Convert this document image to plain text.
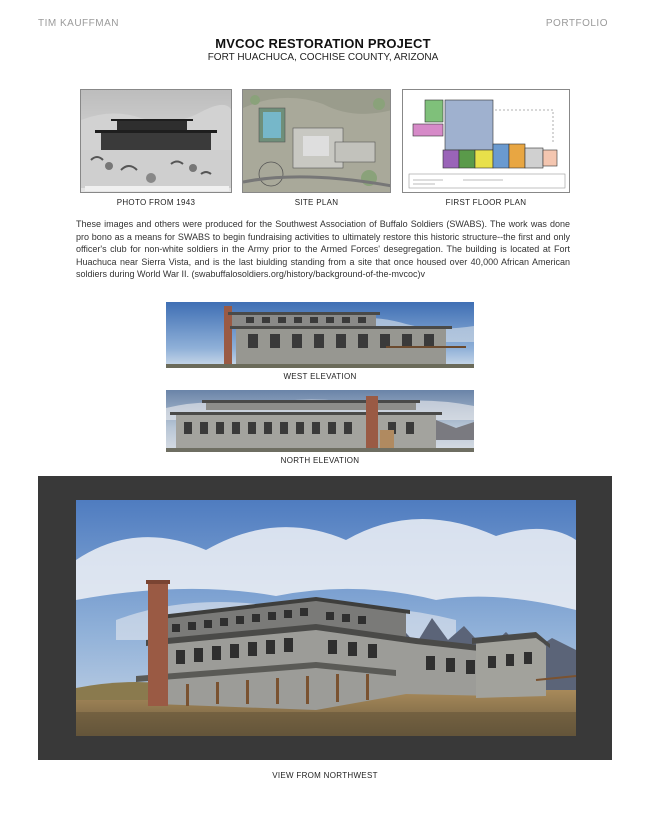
TIM KAUFFMAN	PORTFOLIO
MVCOC RESTORATION PROJECT
FORT HUACHUCA, COCHISE COUNTY, ARIZONA
PHOTO FROM 1943	SITE PLAN	FIRST FLOOR PLAN
These images and others were produced for the Southwest Association of Buffalo Soldiers (SWABS). The work was done pro bono as a means for SWABS to begin fundraising activities to ultimately restore this historic structure--the first and only officer's club for non-white soldiers in the Army prior to the Armed Forces' desegregation. The building is located at Fort Huachuca near Sierra Vista, and is the last biulding standing from a site that once housed over 40,000 African American soldiers during World War II. (swabuffalosoldiers.org/history/background-of-the-mvcoc)v
WEST ELEVATION
NORTH ELEVATION
VIEW FROM NORTHWEST
